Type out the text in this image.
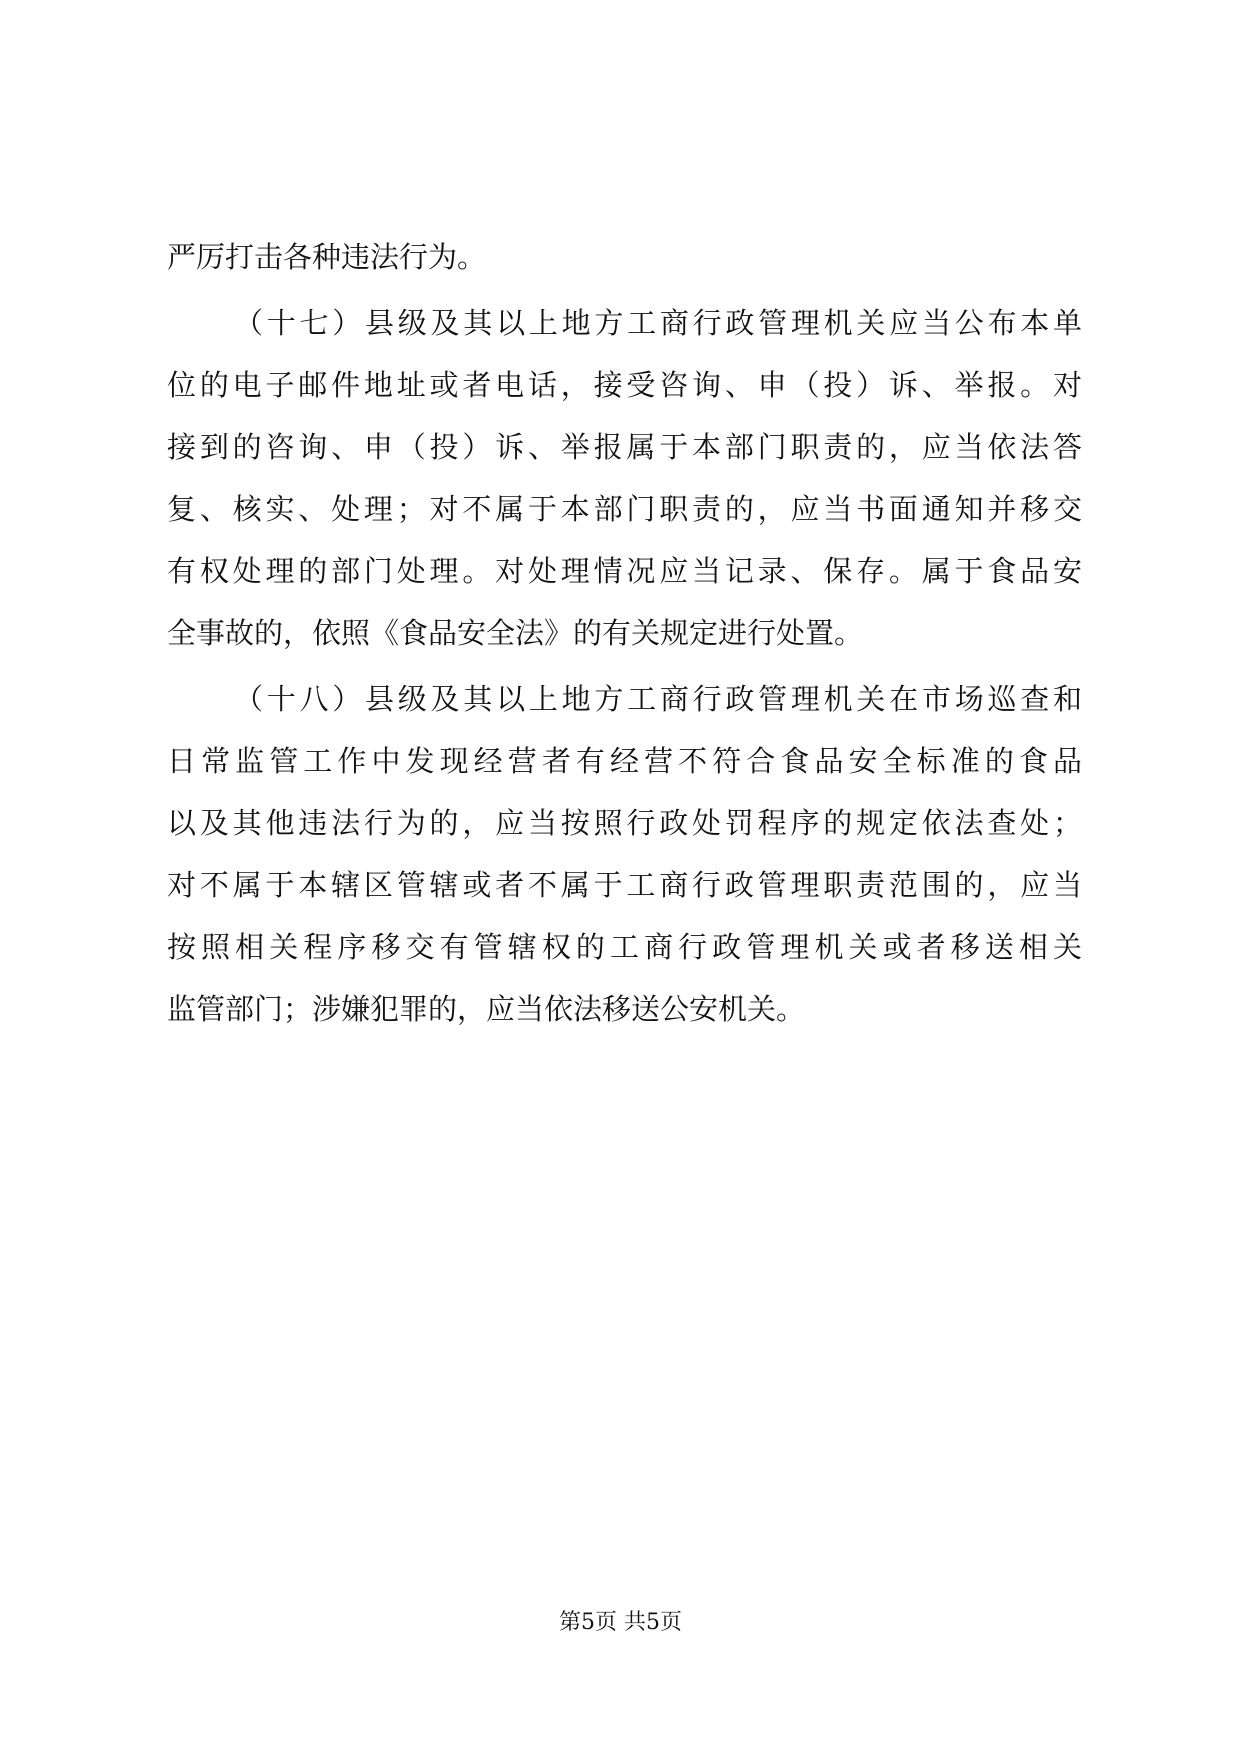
严厉打击各种违法行为。
（十七）县级及其以上地方工商行政管理机关应当公布本单
位的电子邮件地址或者电话，接受咨询、申（投）诉、举报。对
接到的咨询、申（投）诉、举报属于本部门职责的，应当依法答
复、核实、处理；对不属于本部门职责的，应当书面通知并移交
有权处理的部门处理。对处理情况应当记录、保存。属于食品安
全事故的，依照《食品安全法》的有关规定进行处置。
（十八）县级及其以上地方工商行政管理机关在市场巡查和
日常监管工作中发现经营者有经营不符合食品安全标准的食品
以及其他违法行为的，应当按照行政处罚程序的规定依法查处；
对不属于本辖区管辖或者不属于工商行政管理职责范围的，应当
按照相关程序移交有管辖权的工商行政管理机关或者移送相关
监管部门；涉嫌犯罪的，应当依法移送公安机关。
第5页 共5页
